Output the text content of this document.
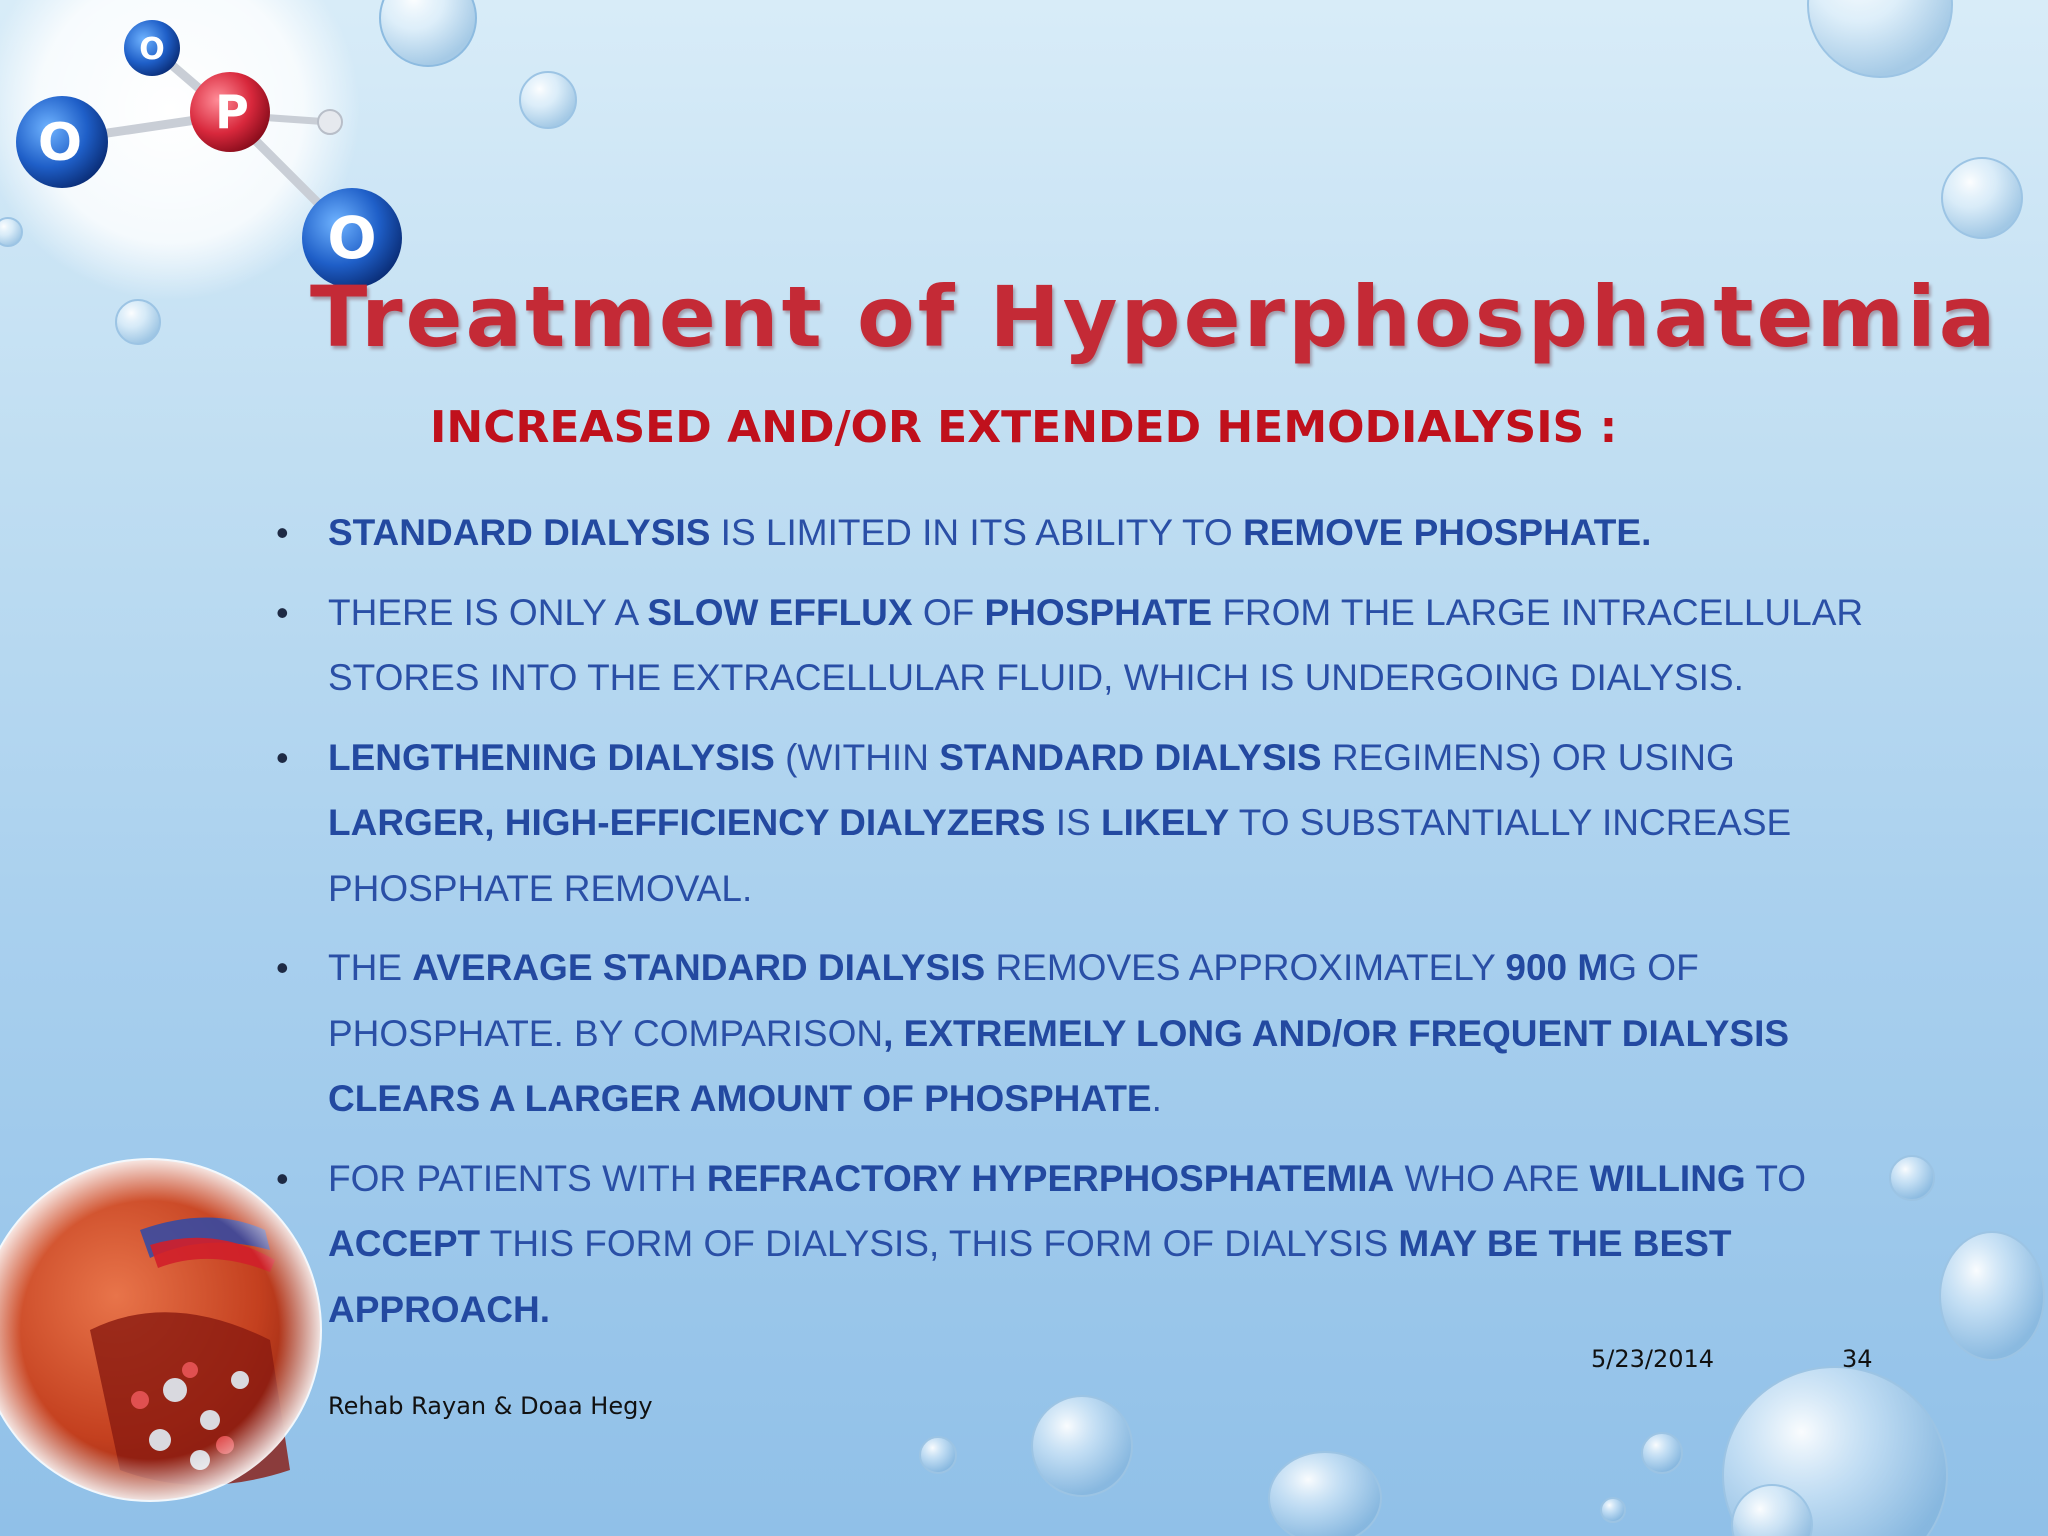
O
P
O
O
Treatment of Hyperphosphatemia
INCREASED AND/OR EXTENDED HEMODIALYSIS :
• STANDARD DIALYSIS IS LIMITED IN ITS ABILITY TO REMOVE PHOSPHATE.
• THERE IS ONLY A SLOW EFFLUX OF PHOSPHATE FROM THE LARGE INTRACELLULAR STORES INTO THE EXTRACELLULAR FLUID, WHICH IS UNDERGOING DIALYSIS.
• LENGTHENING DIALYSIS (WITHIN STANDARD DIALYSIS REGIMENS) OR USING LARGER, HIGH-EFFICIENCY DIALYZERS IS LIKELY TO SUBSTANTIALLY INCREASE PHOSPHATE REMOVAL.
• THE AVERAGE STANDARD DIALYSIS REMOVES APPROXIMATELY 900 MG OF PHOSPHATE. BY COMPARISON, EXTREMELY LONG AND/OR FREQUENT DIALYSIS CLEARS A LARGER AMOUNT OF PHOSPHATE.
• FOR PATIENTS WITH REFRACTORY HYPERPHOSPHATEMIA WHO ARE WILLING TO ACCEPT THIS FORM OF DIALYSIS, THIS FORM OF DIALYSIS MAY BE THE BEST APPROACH.
5/23/2014	34
Rehab Rayan & Doaa Hegy
